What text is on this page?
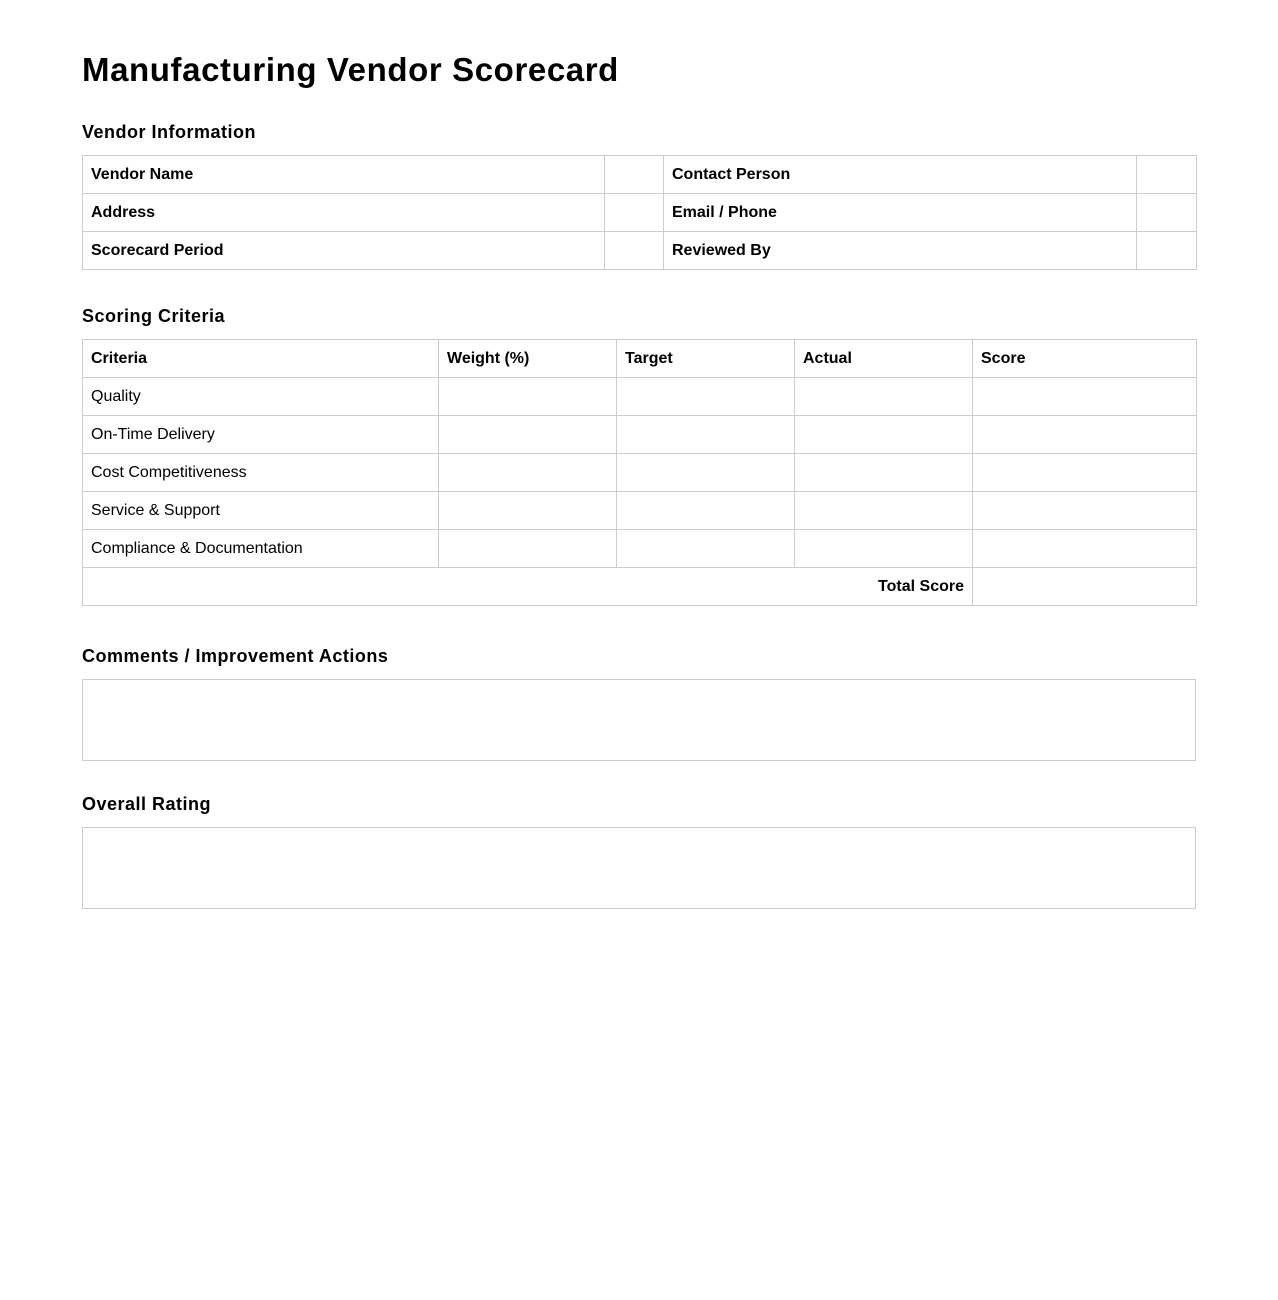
Manufacturing Vendor Scorecard
Vendor Information
Vendor Name		Contact Person	
Address		Email / Phone	
Scorecard Period		Reviewed By	
Scoring Criteria
Criteria	Weight (%)	Target	Actual	Score
Quality				
On-Time Delivery				
Cost Competitiveness				
Service & Support				
Compliance & Documentation				
Total Score				
Comments / Improvement Actions
Overall Rating
